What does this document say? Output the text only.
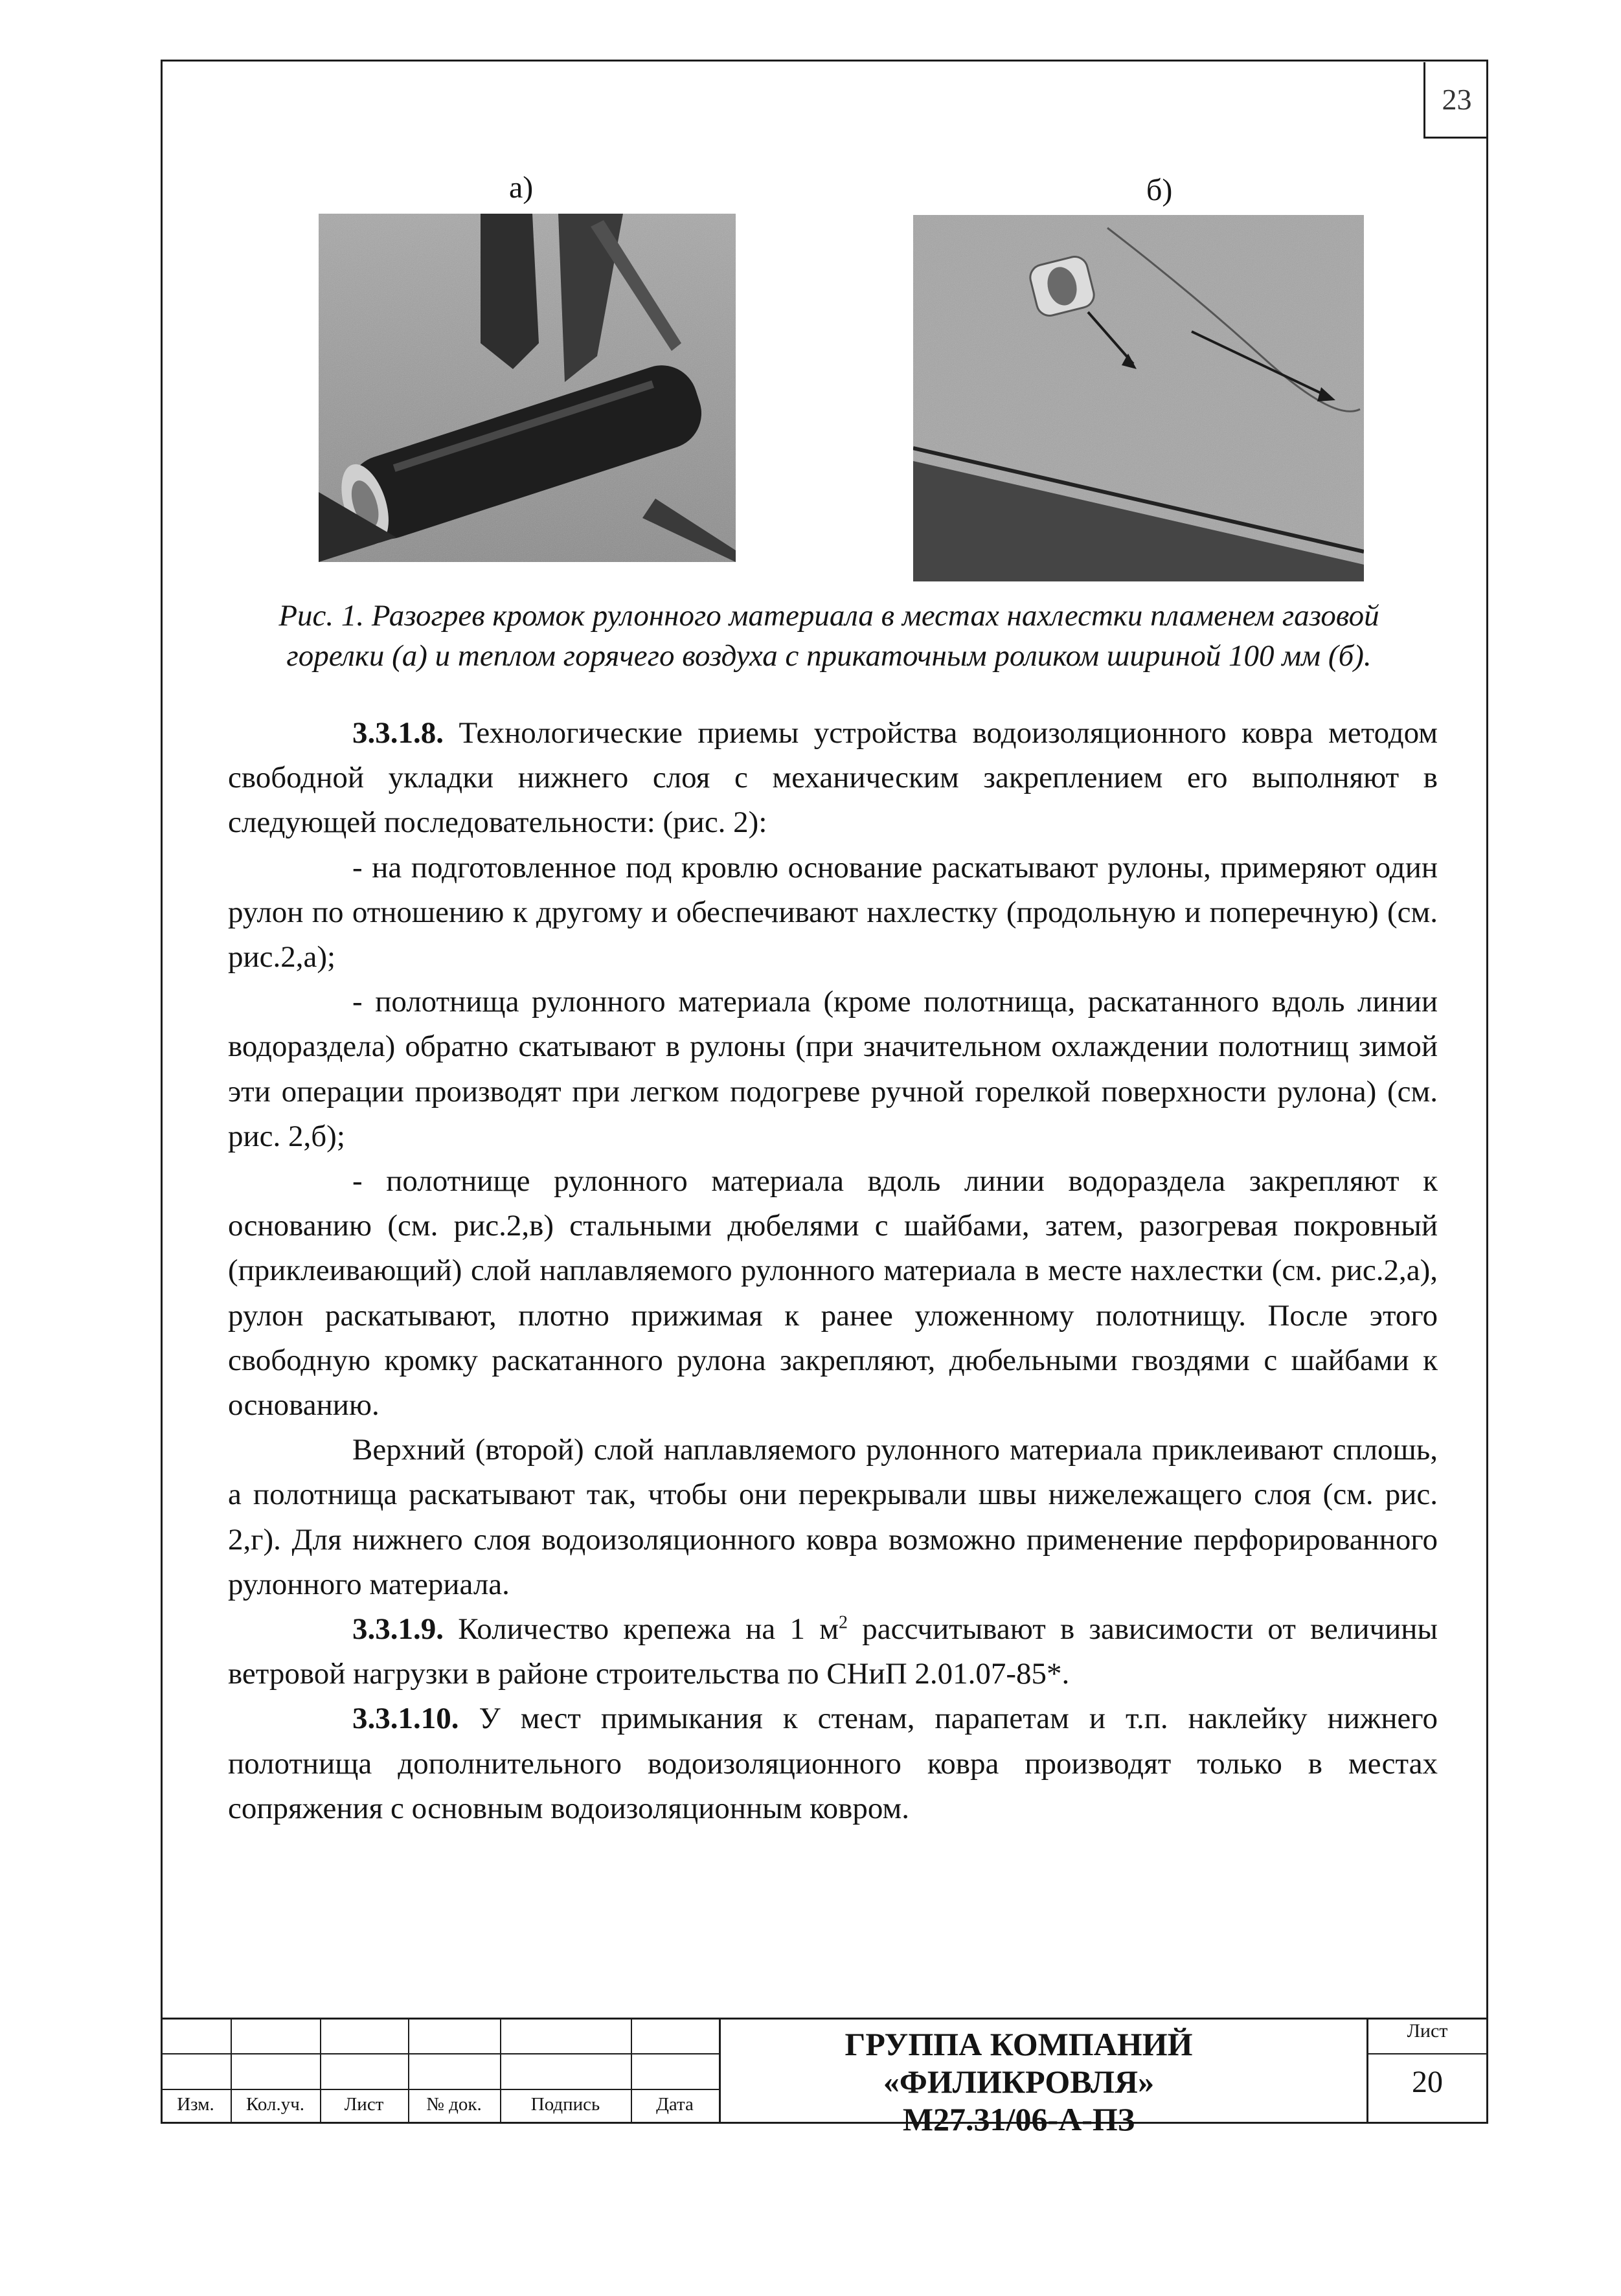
23
а)	б)
Рис. 1. Разогрев кромок рулонного материала в местах нахлестки пламенем газовой
горелки (а) и теплом горячего воздуха с прикаточным роликом шириной 100 мм (б).

3.3.1.8. Технологические приемы устройства водоизоляционного ковра методом свободной укладки нижнего слоя с механическим закреплением его выполняют в следующей последовательности: (рис. 2):

- на подготовленное под кровлю основание раскатывают рулоны, примеряют один рулон по отношению к другому и обеспечивают нахлестку (продольную и поперечную) (см. рис.2,а);

- полотнища рулонного материала (кроме полотнища, раскатанного вдоль линии водораздела) обратно скатывают в рулоны (при значительном охлаждении полотнищ зимой эти операции производят при легком подогреве ручной горелкой поверхности рулона) (см. рис. 2,б);

- полотнище рулонного материала вдоль линии водораздела закрепляют к основанию (см. рис.2,в) стальными дюбелями с шайбами, затем, разогревая покровный (приклеивающий) слой наплавляемого рулонного материала в месте нахлестки (см. рис.2,а), рулон раскатывают, плотно прижимая к ранее уложенному полотнищу. После этого свободную кромку раскатанного рулона закрепляют, дюбельными гвоздями с шайбами к основанию.

Верхний (второй) слой наплавляемого рулонного материала приклеивают сплошь, а полотнища раскатывают так, чтобы они перекрывали швы нижележащего слоя (см. рис. 2,г). Для нижнего слоя водоизоляционного ковра возможно применение перфорированного рулонного материала.

3.3.1.9. Количество крепежа на 1 $м^2$ рассчитывают в зависимости от величины ветровой нагрузки в районе строительства по СНиП 2.01.07-85*.

3.3.1.10. У мест примыкания к стенам, парапетам и т.п. наклейку нижнего полотнища дополнительного водоизоляционного ковра производят только в местах сопряжения с основным водоизоляционным ковром.

Изм.	Кол.уч.	Лист	№ док.	Подпись	Дата
ГРУППА КОМПАНИЙ «ФИЛИКРОВЛЯ»
М27.31/06-А-ПЗ
Лист
20
